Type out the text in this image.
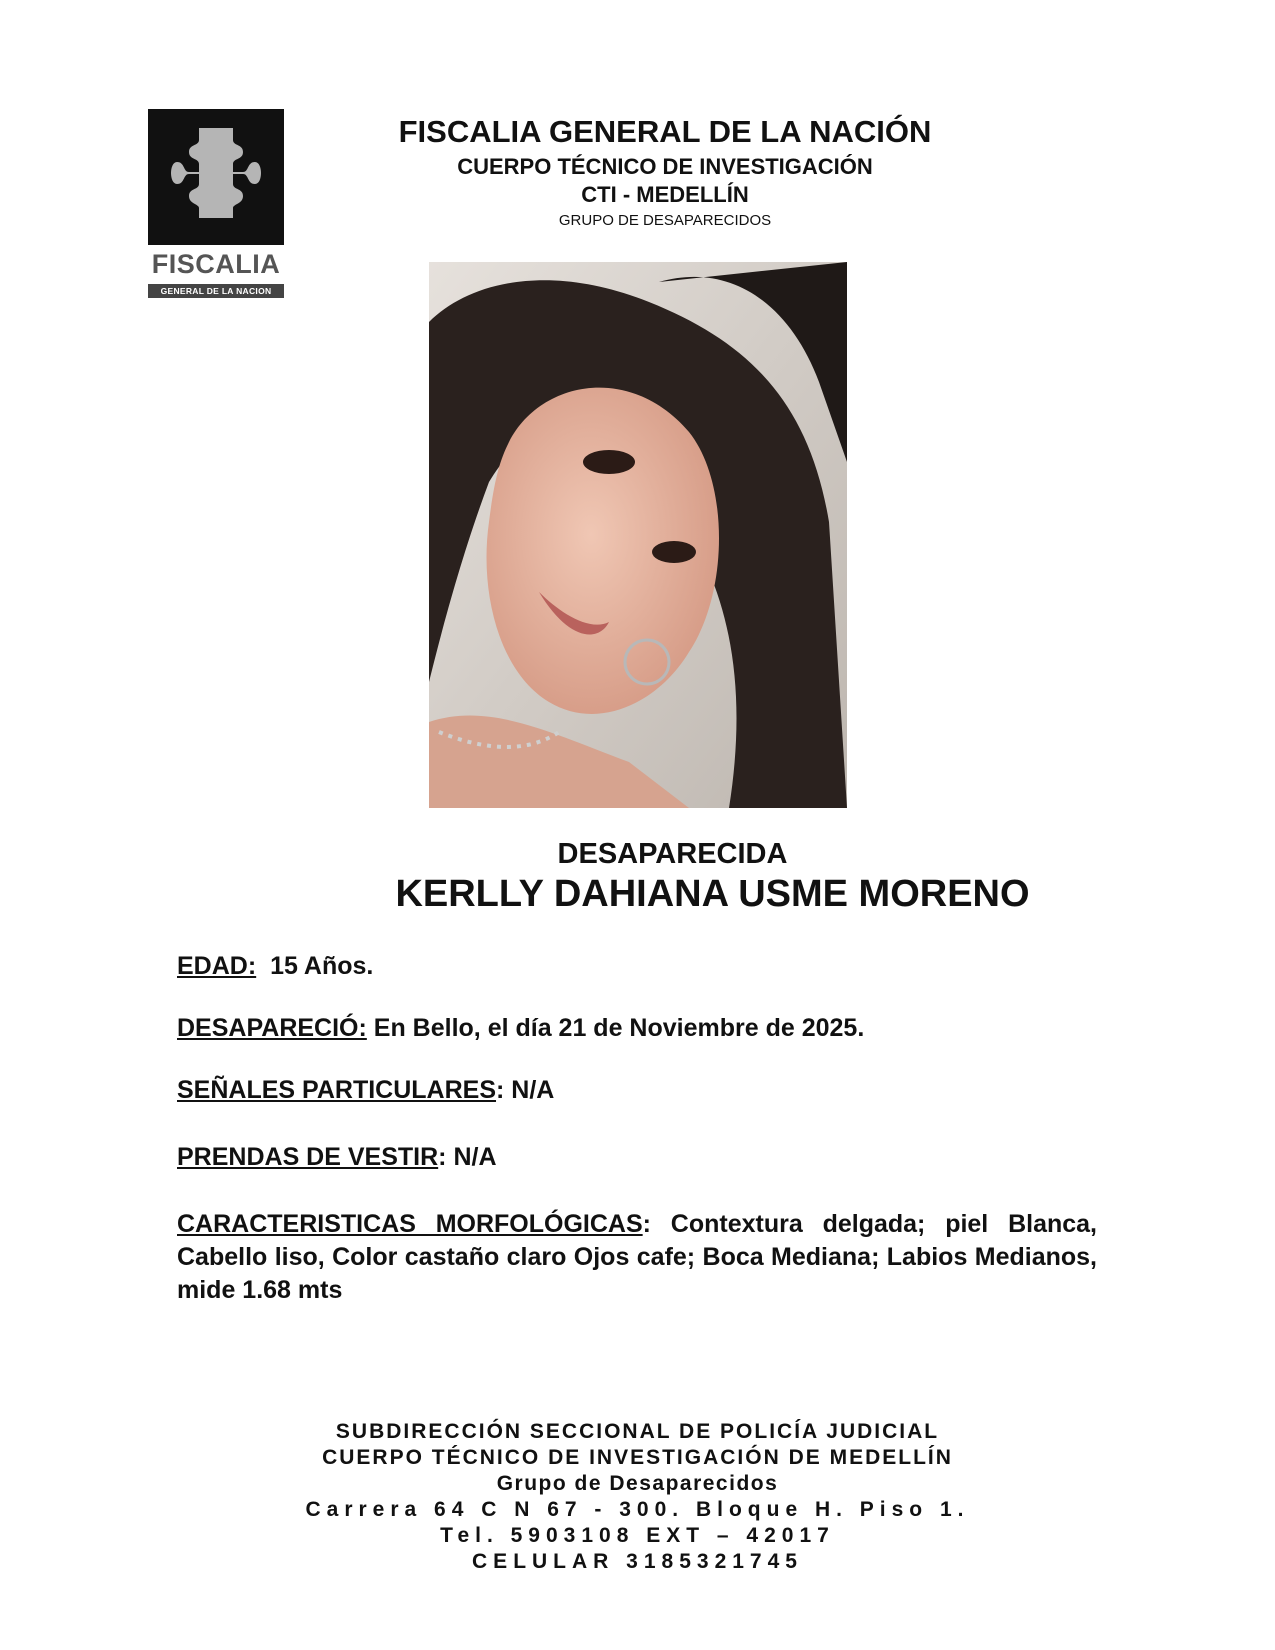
FISCALIA
GENERAL DE LA NACION
FISCALIA GENERAL DE LA NACIÓN
CUERPO TÉCNICO DE INVESTIGACIÓN
CTI - MEDELLÍN
GRUPO DE DESAPARECIDOS
DESAPARECIDA
KERLLY DAHIANA USME MORENO
EDAD:  15 Años.
DESAPARECIÓ: En Bello, el día 21 de Noviembre de 2025.
SEÑALES PARTICULARES: N/A
PRENDAS DE VESTIR: N/A
CARACTERISTICAS MORFOLÓGICAS: Contextura delgada; piel Blanca, Cabello liso, Color castaño claro Ojos cafe; Boca Mediana; Labios Medianos, mide 1.68 mts
SUBDIRECCIÓN SECCIONAL DE POLICÍA JUDICIAL
CUERPO TÉCNICO DE INVESTIGACIÓN DE MEDELLÍN
Grupo de Desaparecidos
Carrera 64 C N 67 - 300. Bloque H. Piso 1.
Tel. 5903108 EXT – 42017
CELULAR 3185321745
